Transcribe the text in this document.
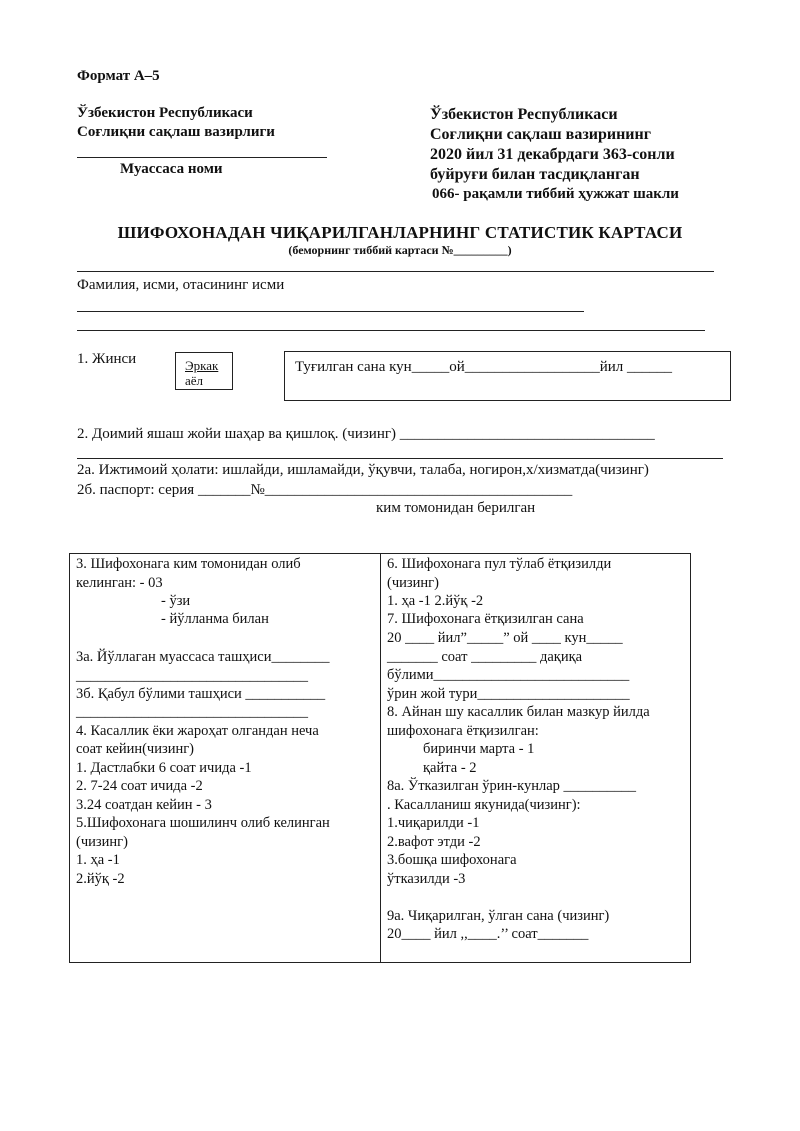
Формат А–5
Ўзбекистон Республикаси
Соғлиқни сақлаш вазирлиги
Муассаса номи
Ўзбекистон Республикаси
Соғлиқни сақлаш вазирининг
2020 йил 31 декабрдаги 363-сонли
буйруғи билан тасдиқланган
066- рақамли тиббий ҳужжат шакли
ШИФОХОНАДАН ЧИҚАРИЛГАНЛАРНИНГ СТАТИСТИК КАРТАСИ
(беморнинг тиббий картаси №_________)
Фамилия, исми, отасининг исми
1. Жинси	Эркак
аёл
Туғилган сана кун_____ой__________________йил ______
2. Доимий яшаш жойи шаҳар ва қишлоқ. (чизинг) __________________________________
2а. Ижтимоий ҳолати: ишлайди, ишламайди, ўқувчи, талаба, ногирон,х/хизматда(чизинг)
2б. паспорт: серия _______№_________________________________________
ким томонидан берилган
3. Шифохонага ким томонидан олиб
келинган: - 03
- ўзи
- йўлланма билан
3а. Йўллаган муассаса ташҳиси________
________________________________
3б. Қабул бўлими ташҳиси ___________
________________________________
4. Касаллик ёки жароҳат олгандан неча
соат кейин(чизинг)
1. Дастлабки 6 соат ичида -1
2. 7-24 соат ичида -2
3.24 соатдан кейин - 3
5.Шифохонага шошилинч олиб келинган
(чизинг)
1. ҳа -1
2.йўқ -2
6. Шифохонага пул тўлаб ётқизилди
(чизинг)
1. ҳа -1 2.йўқ -2
7. Шифохонага ётқизилган сана
20 ____ йил”_____” ой ____ кун_____
_______ соат _________ дақиқа
бўлими___________________________
ўрин жой тури_____________________
8. Айнан шу касаллик билан мазкур йилда
шифохонага ётқизилган:
биринчи марта - 1
қайта - 2
8а. Ўтказилган ўрин-кунлар __________
. Касалланиш якунида(чизинг):
1.чиқарилди -1
2.вафот этди -2
3.бошқа шифохонага
ўтказилди -3
9а. Чиқарилган, ўлган сана (чизинг)
20____ йил ,,____.’’ соат_______
